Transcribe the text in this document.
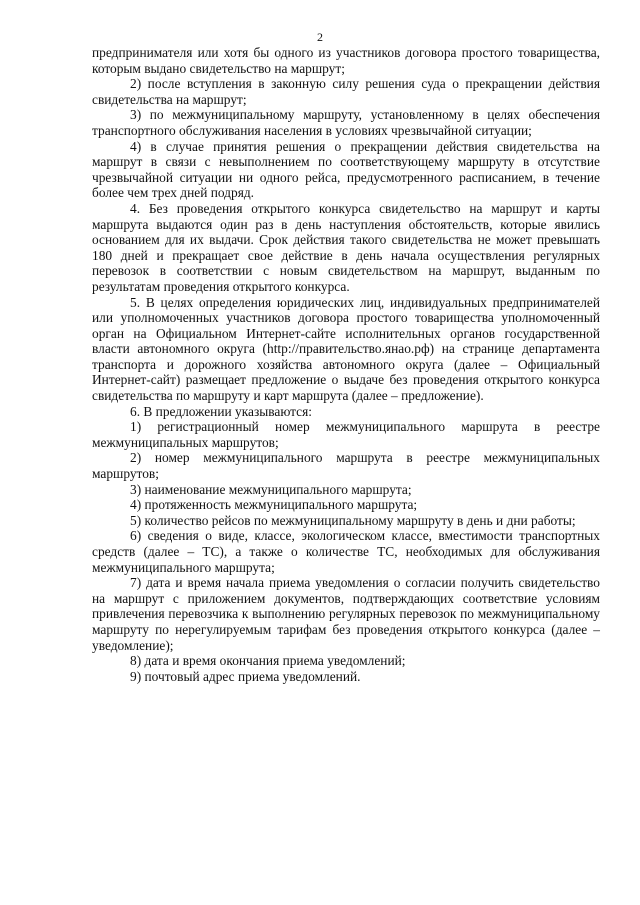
2

предпринимателя или хотя бы одного из участников договора простого товарищества, которым выдано свидетельство на маршрут;

2) после вступления в законную силу решения суда о прекращении действия свидетельства на маршрут;

3) по межмуниципальному маршруту, установленному в целях обеспечения транспортного обслуживания населения в условиях чрезвычайной ситуации;

4) в случае принятия решения о прекращении действия свидетельства на маршрут в связи с невыполнением по соответствующему маршруту в отсутствие чрезвычайной ситуации ни одного рейса, предусмотренного расписанием, в течение более чем трех дней подряд.

4. Без проведения открытого конкурса свидетельство на маршрут и карты маршрута выдаются один раз в день наступления обстоятельств, которые явились основанием для их выдачи. Срок действия такого свидетельства не может превышать 180 дней и прекращает свое действие в день начала осуществления регулярных перевозок в соответствии с новым свидетельством на маршрут, выданным по результатам проведения открытого конкурса.

5. В целях определения юридических лиц, индивидуальных предпринимателей или уполномоченных участников договора простого товарищества уполномоченный орган на Официальном Интернет-сайте исполнительных органов государственной власти автономного округа (http://правительство.янао.рф) на странице департамента транспорта и дорожного хозяйства автономного округа (далее – Официальный Интернет-сайт) размещает предложение о выдаче без проведения открытого конкурса свидетельства по маршруту и карт маршрута (далее – предложение).

6. В предложении указываются:

1) регистрационный номер межмуниципального маршрута в реестре межмуниципальных маршрутов;

2) номер межмуниципального маршрута в реестре межмуниципальных маршрутов;

3) наименование межмуниципального маршрута;

4) протяженность межмуниципального маршрута;

5) количество рейсов по межмуниципальному маршруту в день и дни работы;

6) сведения о виде, классе, экологическом классе, вместимости транспортных средств (далее – ТС), а также о количестве ТС, необходимых для обслуживания межмуниципального маршрута;

7) дата и время начала приема уведомления о согласии получить свидетельство на маршрут с приложением документов, подтверждающих соответствие условиям привлечения перевозчика к выполнению регулярных перевозок по межмуниципальному маршруту по нерегулируемым тарифам без проведения открытого конкурса (далее – уведомление);

8) дата и время окончания приема уведомлений;

9) почтовый адрес приема уведомлений.
